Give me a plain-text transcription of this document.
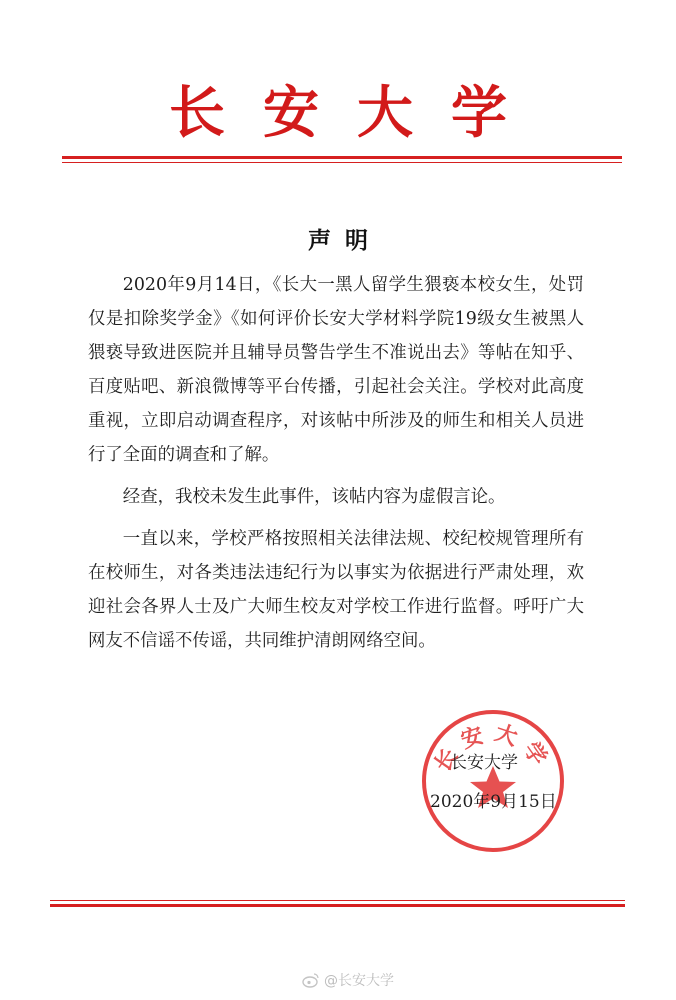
长安大学
声明

2020年9月14日，《长大一黑人留学生猥亵本校女生，处罚仅是扣除奖学金》《如何评价长安大学材料学院19级女生被黑人猥亵导致进医院并且辅导员警告学生不准说出去》等帖在知乎、百度贴吧、新浪微博等平台传播，引起社会关注。学校对此高度重视，立即启动调查程序，对该帖中所涉及的师生和相关人员进行了全面的调查和了解。

经查，我校未发生此事件，该帖内容为虚假言论。

一直以来，学校严格按照相关法律法规、校纪校规管理所有在校师生，对各类违法违纪行为以事实为依据进行严肃处理，欢迎社会各界人士及广大师生校友对学校工作进行监督。呼吁广大网友不信谣不传谣，共同维护清朗网络空间。

长安大学
长安大学
2020年9月15日
@长安大学
